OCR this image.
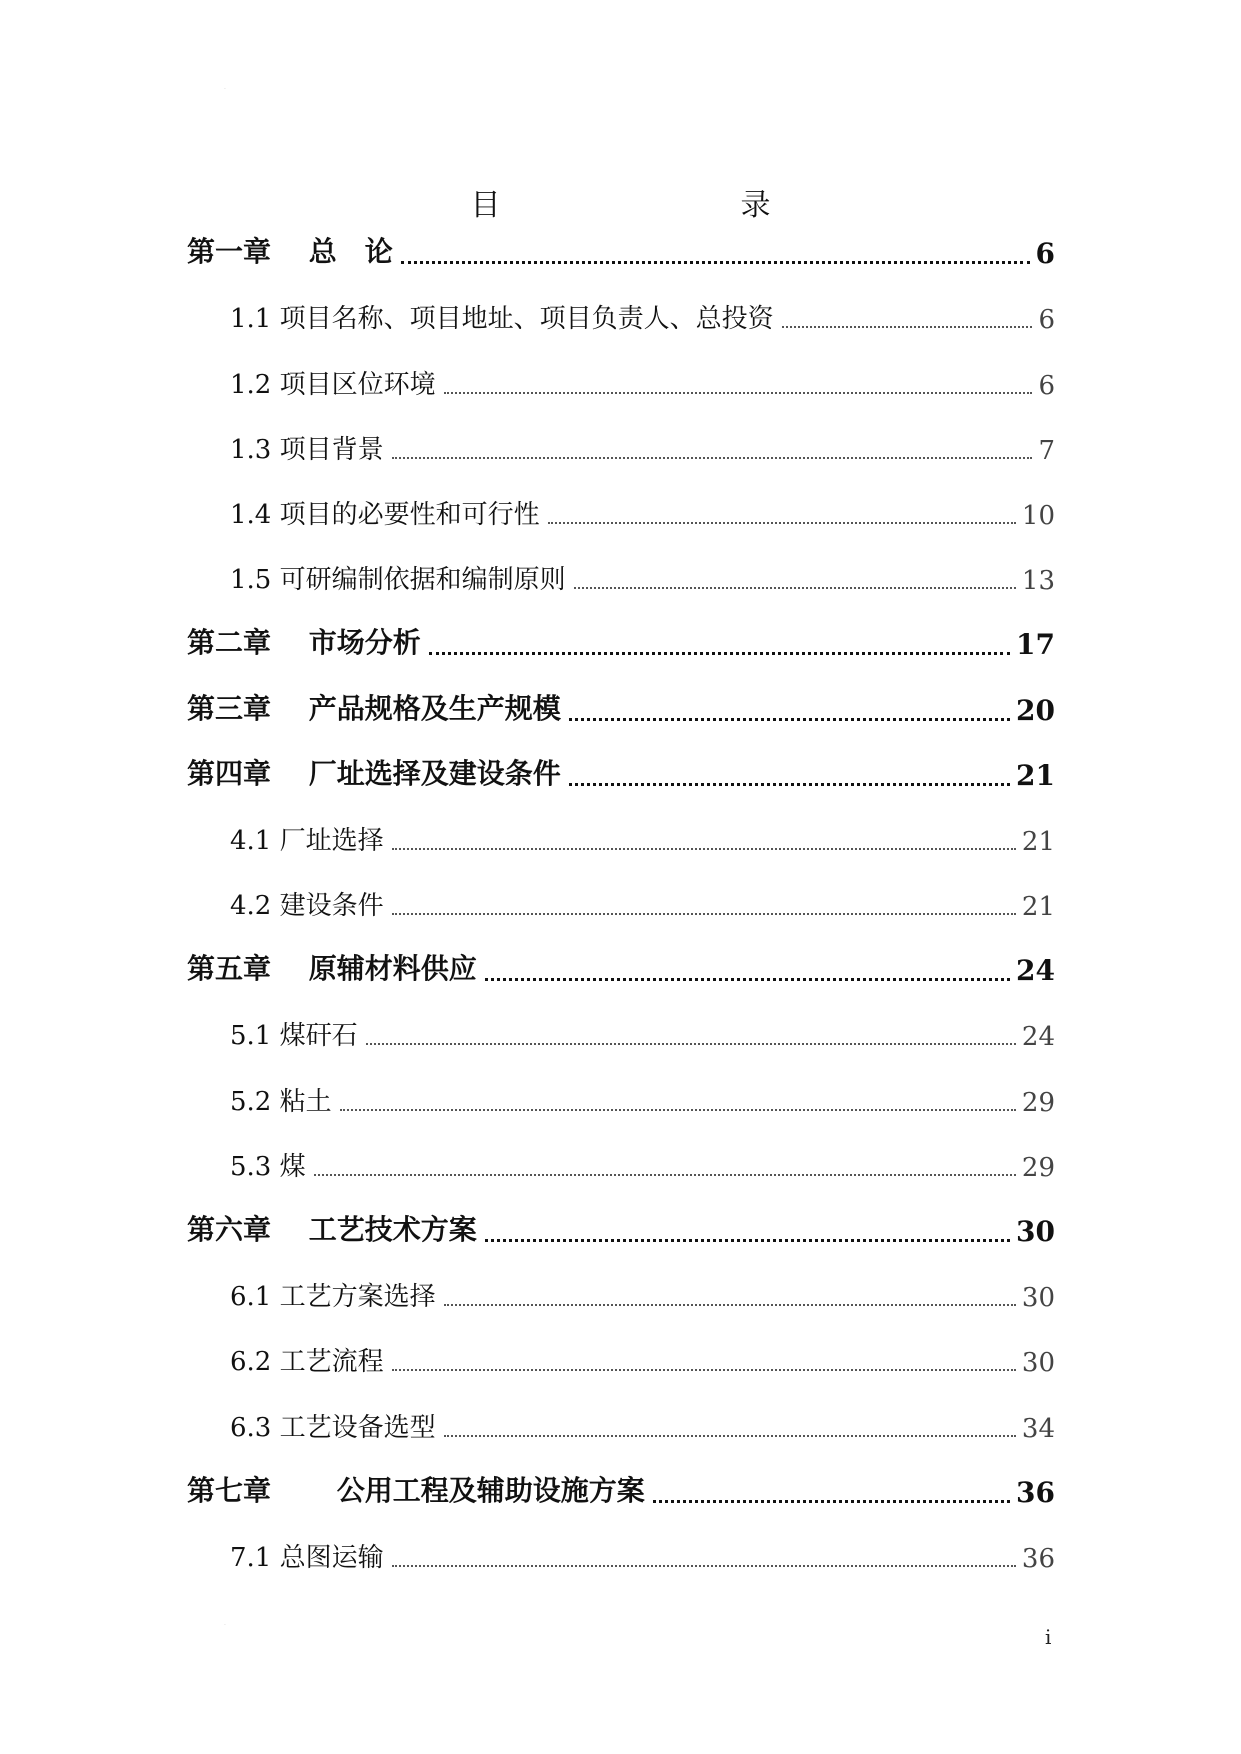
·
目　　录
第一章　 总　论	6
1.1 项目名称、项目地址、项目负责人、总投资	6
1.2 项目区位环境	6
1.3 项目背景	7
1.4 项目的必要性和可行性	10
1.5 可研编制依据和编制原则	13
第二章　 市场分析	17
第三章　 产品规格及生产规模	20
第四章　 厂址选择及建设条件	21
4.1 厂址选择	21
4.2 建设条件	21
第五章　 原辅材料供应	24
5.1 煤矸石	24
5.2 粘土	29
5.3 煤	29
第六章　 工艺技术方案	30
6.1 工艺方案选择	30
6.2 工艺流程	30
6.3 工艺设备选型	34
第七章　　 公用工程及辅助设施方案	36
7.1 总图运输	36
·	i
